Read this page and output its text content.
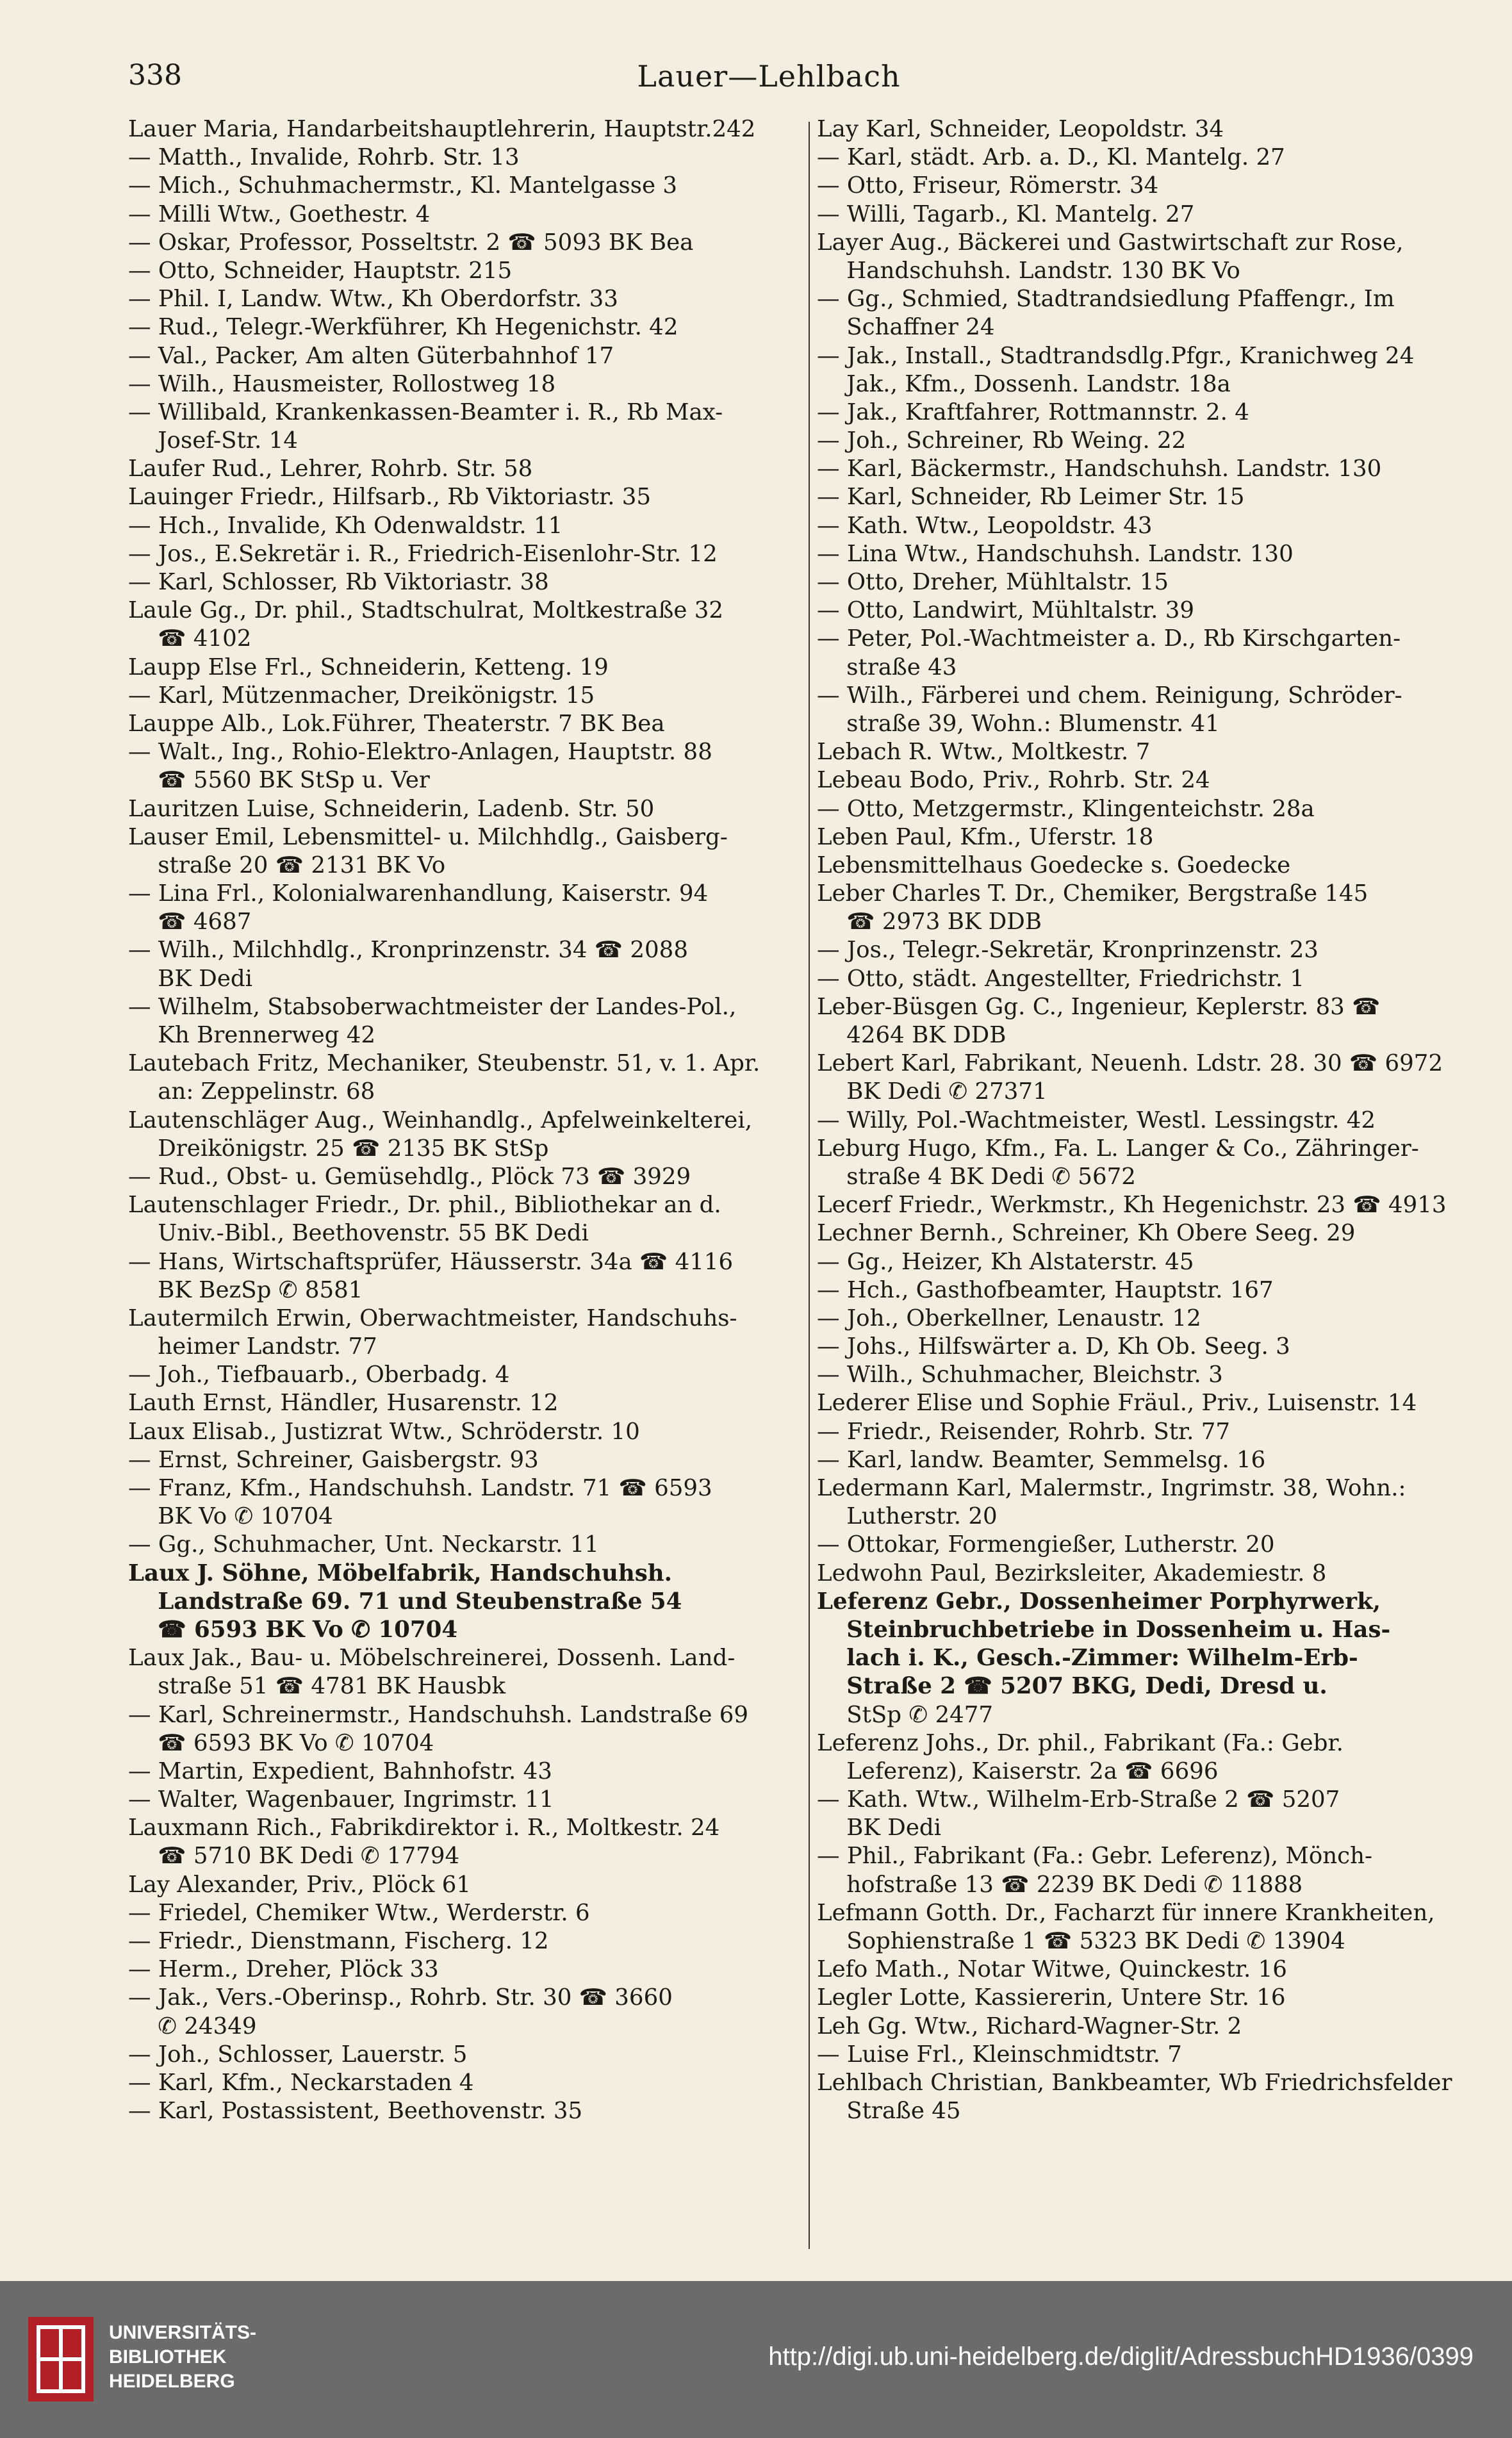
338	Lauer—Lehlbach
Lauer Maria, Handarbeitshauptlehrerin, Hauptstr.242
— Matth., Invalide, Rohrb. Str. 13
— Mich., Schuhmachermstr., Kl. Mantelgasse 3
— Milli Wtw., Goethestr. 4
— Oskar, Professor, Posseltstr. 2 ☎ 5093 BK Bea
— Otto, Schneider, Hauptstr. 215
— Phil. I, Landw. Wtw., Kh Oberdorfstr. 33
— Rud., Telegr.-Werkführer, Kh Hegenichstr. 42
— Val., Packer, Am alten Güterbahnhof 17
— Wilh., Hausmeister, Rollostweg 18
— Willibald, Krankenkassen-Beamter i. R., Rb Max-
Josef-Str. 14
Laufer Rud., Lehrer, Rohrb. Str. 58
Lauinger Friedr., Hilfsarb., Rb Viktoriastr. 35
— Hch., Invalide, Kh Odenwaldstr. 11
— Jos., E.Sekretär i. R., Friedrich-Eisenlohr-Str. 12
— Karl, Schlosser, Rb Viktoriastr. 38
Laule Gg., Dr. phil., Stadtschulrat, Moltkestraße 32
☎ 4102
Laupp Else Frl., Schneiderin, Ketteng. 19
— Karl, Mützenmacher, Dreikönigstr. 15
Lauppe Alb., Lok.Führer, Theaterstr. 7 BK Bea
— Walt., Ing., Rohio-Elektro-Anlagen, Hauptstr. 88
☎ 5560 BK StSp u. Ver
Lauritzen Luise, Schneiderin, Ladenb. Str. 50
Lauser Emil, Lebensmittel- u. Milchhdlg., Gaisberg-
straße 20 ☎ 2131 BK Vo
— Lina Frl., Kolonialwarenhandlung, Kaiserstr. 94
☎ 4687
— Wilh., Milchhdlg., Kronprinzenstr. 34 ☎ 2088
BK Dedi
— Wilhelm, Stabsoberwachtmeister der Landes-Pol.,
Kh Brennerweg 42
Lautebach Fritz, Mechaniker, Steubenstr. 51, v. 1. Apr.
an: Zeppelinstr. 68
Lautenschläger Aug., Weinhandlg., Apfelweinkelterei,
Dreikönigstr. 25 ☎ 2135 BK StSp
— Rud., Obst- u. Gemüsehdlg., Plöck 73 ☎ 3929
Lautenschlager Friedr., Dr. phil., Bibliothekar an d.
Univ.-Bibl., Beethovenstr. 55 BK Dedi
— Hans, Wirtschaftsprüfer, Häusserstr. 34a ☎ 4116
BK BezSp ✆ 8581
Lautermilch Erwin, Oberwachtmeister, Handschuhs-
heimer Landstr. 77
— Joh., Tiefbauarb., Oberbadg. 4
Lauth Ernst, Händler, Husarenstr. 12
Laux Elisab., Justizrat Wtw., Schröderstr. 10
— Ernst, Schreiner, Gaisbergstr. 93
— Franz, Kfm., Handschuhsh. Landstr. 71 ☎ 6593
BK Vo ✆ 10704
— Gg., Schuhmacher, Unt. Neckarstr. 11
Laux J. Söhne, Möbelfabrik, Handschuhsh.
Landstraße 69. 71 und Steubenstraße 54
☎ 6593 BK Vo ✆ 10704
Laux Jak., Bau- u. Möbelschreinerei, Dossenh. Land-
straße 51 ☎ 4781 BK Hausbk
— Karl, Schreinermstr., Handschuhsh. Landstraße 69
☎ 6593 BK Vo ✆ 10704
— Martin, Expedient, Bahnhofstr. 43
— Walter, Wagenbauer, Ingrimstr. 11
Lauxmann Rich., Fabrikdirektor i. R., Moltkestr. 24
☎ 5710 BK Dedi ✆ 17794
Lay Alexander, Priv., Plöck 61
— Friedel, Chemiker Wtw., Werderstr. 6
— Friedr., Dienstmann, Fischerg. 12
— Herm., Dreher, Plöck 33
— Jak., Vers.-Oberinsp., Rohrb. Str. 30 ☎ 3660
✆ 24349
— Joh., Schlosser, Lauerstr. 5
— Karl, Kfm., Neckarstaden 4
— Karl, Postassistent, Beethovenstr. 35
Lay Karl, Schneider, Leopoldstr. 34
— Karl, städt. Arb. a. D., Kl. Mantelg. 27
— Otto, Friseur, Römerstr. 34
— Willi, Tagarb., Kl. Mantelg. 27
Layer Aug., Bäckerei und Gastwirtschaft zur Rose,
Handschuhsh. Landstr. 130 BK Vo
— Gg., Schmied, Stadtrandsiedlung Pfaffengr., Im
Schaffner 24
— Jak., Install., Stadtrandsdlg.Pfgr., Kranichweg 24
Jak., Kfm., Dossenh. Landstr. 18a
— Jak., Kraftfahrer, Rottmannstr. 2. 4
— Joh., Schreiner, Rb Weing. 22
— Karl, Bäckermstr., Handschuhsh. Landstr. 130
— Karl, Schneider, Rb Leimer Str. 15
— Kath. Wtw., Leopoldstr. 43
— Lina Wtw., Handschuhsh. Landstr. 130
— Otto, Dreher, Mühltalstr. 15
— Otto, Landwirt, Mühltalstr. 39
— Peter, Pol.-Wachtmeister a. D., Rb Kirschgarten-
straße 43
— Wilh., Färberei und chem. Reinigung, Schröder-
straße 39, Wohn.: Blumenstr. 41
Lebach R. Wtw., Moltkestr. 7
Lebeau Bodo, Priv., Rohrb. Str. 24
— Otto, Metzgermstr., Klingenteichstr. 28a
Leben Paul, Kfm., Uferstr. 18
Lebensmittelhaus Goedecke s. Goedecke
Leber Charles T. Dr., Chemiker, Bergstraße 145
☎ 2973 BK DDB
— Jos., Telegr.-Sekretär, Kronprinzenstr. 23
— Otto, städt. Angestellter, Friedrichstr. 1
Leber-Büsgen Gg. C., Ingenieur, Keplerstr. 83 ☎
4264 BK DDB
Lebert Karl, Fabrikant, Neuenh. Ldstr. 28. 30 ☎ 6972
BK Dedi ✆ 27371
— Willy, Pol.-Wachtmeister, Westl. Lessingstr. 42
Leburg Hugo, Kfm., Fa. L. Langer & Co., Zähringer-
straße 4 BK Dedi ✆ 5672
Lecerf Friedr., Werkmstr., Kh Hegenichstr. 23 ☎ 4913
Lechner Bernh., Schreiner, Kh Obere Seeg. 29
— Gg., Heizer, Kh Alstaterstr. 45
— Hch., Gasthofbeamter, Hauptstr. 167
— Joh., Oberkellner, Lenaustr. 12
— Johs., Hilfswärter a. D, Kh Ob. Seeg. 3
— Wilh., Schuhmacher, Bleichstr. 3
Lederer Elise und Sophie Fräul., Priv., Luisenstr. 14
— Friedr., Reisender, Rohrb. Str. 77
— Karl, landw. Beamter, Semmelsg. 16
Ledermann Karl, Malermstr., Ingrimstr. 38, Wohn.:
Lutherstr. 20
— Ottokar, Formengießer, Lutherstr. 20
Ledwohn Paul, Bezirksleiter, Akademiestr. 8
Leferenz Gebr., Dossenheimer Porphyrwerk,
Steinbruchbetriebe in Dossenheim u. Has-
lach i. K., Gesch.-Zimmer: Wilhelm-Erb-
Straße 2 ☎ 5207 BKG, Dedi, Dresd u.
StSp ✆ 2477
Leferenz Johs., Dr. phil., Fabrikant (Fa.: Gebr.
Leferenz), Kaiserstr. 2a ☎ 6696
— Kath. Wtw., Wilhelm-Erb-Straße 2 ☎ 5207
BK Dedi
— Phil., Fabrikant (Fa.: Gebr. Leferenz), Mönch-
hofstraße 13 ☎ 2239 BK Dedi ✆ 11888
Lefmann Gotth. Dr., Facharzt für innere Krankheiten,
Sophienstraße 1 ☎ 5323 BK Dedi ✆ 13904
Lefo Math., Notar Witwe, Quinckestr. 16
Legler Lotte, Kassiererin, Untere Str. 16
Leh Gg. Wtw., Richard-Wagner-Str. 2
— Luise Frl., Kleinschmidtstr. 7
Lehlbach Christian, Bankbeamter, Wb Friedrichsfelder
Straße 45
UNIVERSITÄTS-
BIBLIOTHEK
HEIDELBERG
http://digi.ub.uni-heidelberg.de/diglit/AdressbuchHD1936/0399
